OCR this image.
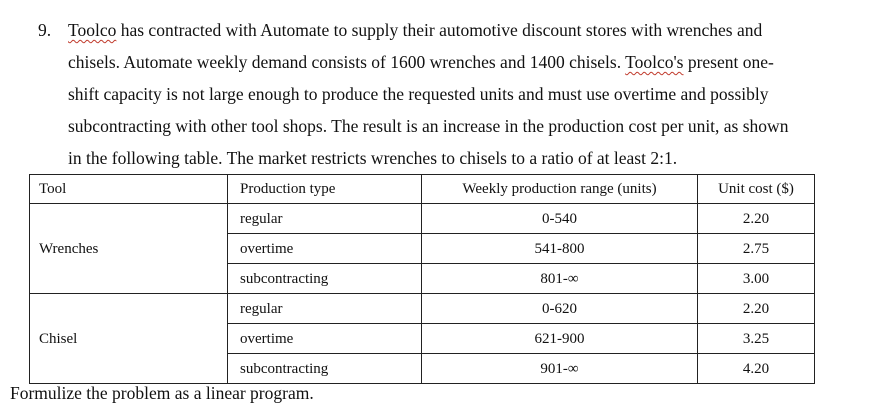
9. Toolco has contracted with Automate to supply their automotive discount stores with wrenches and
chisels. Automate weekly demand consists of 1600 wrenches and 1400 chisels. Toolco's present one-
shift capacity is not large enough to produce the requested units and must use overtime and possibly
subcontracting with other tool shops. The result is an increase in the production cost per unit, as shown
in the following table. The market restricts wrenches to chisels to a ratio of at least 2:1.
Tool	Production type	Weekly production range (units)	Unit cost ($)
Wrenches	regular	0-540	2.20
	overtime	541-800	2.75
	subcontracting	801-∞	3.00
Chisel	regular	0-620	2.20
	overtime	621-900	3.25
	subcontracting	901-∞	4.20
Formulize the problem as a linear program.
